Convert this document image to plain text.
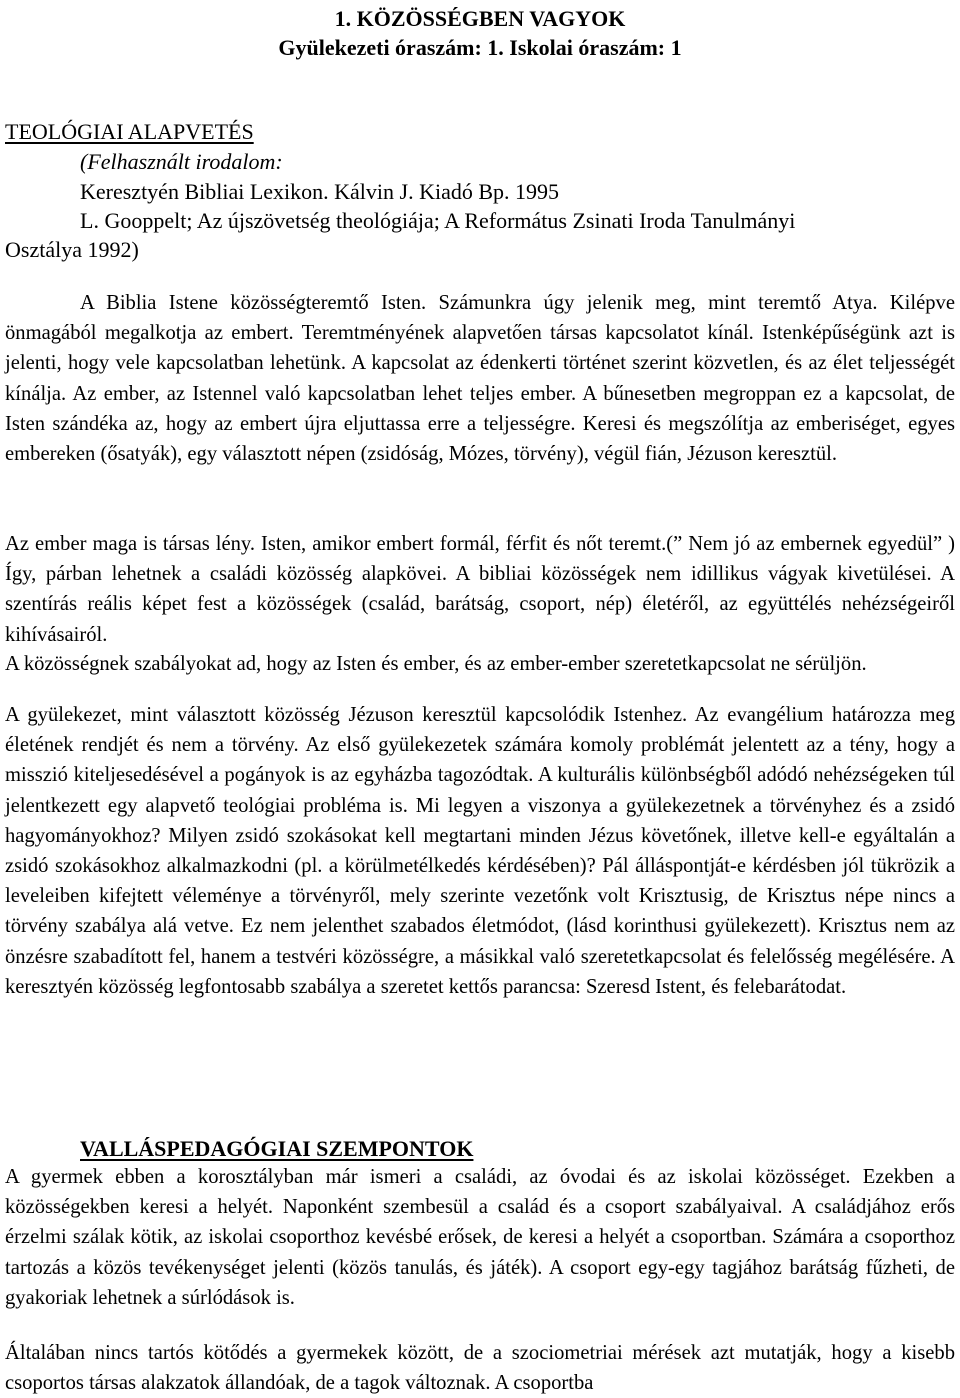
1. KÖZÖSSÉGBEN VAGYOK
Gyülekezeti óraszám: 1. Iskolai óraszám: 1
TEOLÓGIAI ALAPVETÉS
(Felhasznált irodalom:
Keresztyén Bibliai Lexikon. Kálvin J. Kiadó Bp. 1995
L. Gooppelt; Az újszövetség theológiája; A Református Zsinati Iroda Tanulmányi
Osztálya 1992)

A Biblia Istene közösségteremtő Isten. Számunkra úgy jelenik meg, mint teremtő Atya. Kilépve önmagából megalkotja az embert. Teremtményének alapvetően társas kapcsolatot kínál. Istenképűségünk azt is jelenti, hogy vele kapcsolatban lehetünk. A kapcsolat az édenkerti történet szerint közvetlen, és az élet teljességét kínálja. Az ember, az Istennel való kapcsolatban lehet teljes ember. A bűnesetben megroppan ez a kapcsolat, de Isten szándéka az, hogy az embert újra eljuttassa erre a teljességre. Keresi és megszólítja az emberiséget, egyes embereken (ősatyák), egy választott népen (zsidóság, Mózes, törvény), végül fián, Jézuson keresztül.

Az ember maga is társas lény. Isten, amikor embert formál, férfit és nőt teremt.(” Nem jó az embernek egyedül” ) Így, párban lehetnek a családi közösség alapkövei. A bibliai közösségek nem idillikus vágyak kivetülései. A szentírás reális képet fest a közösségek (család, barátság, csoport, nép) életéről, az együttélés nehézségeiről kihívásairól.

A közösségnek szabályokat ad, hogy az Isten és ember, és az ember-ember szeretetkapcsolat ne sérüljön.

A gyülekezet, mint választott közösség Jézuson keresztül kapcsolódik Istenhez. Az evangélium határozza meg életének rendjét és nem a törvény. Az első gyülekezetek számára komoly problémát jelentett az a tény, hogy a misszió kiteljesedésével a pogányok is az egyházba tagozódtak. A kulturális különbségből adódó nehézségeken túl jelentkezett egy alapvető teológiai probléma is. Mi legyen a viszonya a gyülekezetnek a törvényhez és a zsidó hagyományokhoz? Milyen zsidó szokásokat kell megtartani minden Jézus követőnek, illetve kell-e egyáltalán a zsidó szokásokhoz alkalmazkodni (pl. a körülmetélkedés kérdésében)? Pál álláspontját-e kérdésben jól tükrözik a leveleiben kifejtett véleménye a törvényről, mely szerinte vezetőnk volt Krisztusig, de Krisztus népe nincs a törvény szabálya alá vetve. Ez nem jelenthet szabados életmódot, (lásd korinthusi gyülekezett). Krisztus nem az önzésre szabadított fel, hanem a testvéri közösségre, a másikkal való szeretetkapcsolat és felelősség megélésére. A keresztyén közösség legfontosabb szabálya a szeretet kettős parancsa: Szeresd Istent, és felebarátodat.

VALLÁSPEDAGÓGIAI SZEMPONTOK

A gyermek ebben a korosztályban már ismeri a családi, az óvodai és az iskolai közösséget. Ezekben a közösségekben keresi a helyét. Naponként szembesül a család és a csoport szabályaival. A családjához erős érzelmi szálak kötik, az iskolai csoporthoz kevésbé erősek, de keresi a helyét a csoportban. Számára a csoporthoz tartozás a közös tevékenységet jelenti (közös tanulás, és játék). A csoport egy-egy tagjához barátság fűzheti, de gyakoriak lehetnek a súrlódások is.

Általában nincs tartós kötődés a gyermekek között, de a szociometriai mérések azt mutatják, hogy a kisebb csoportos társas alakzatok állandóak, de a tagok változnak. A csoportba
